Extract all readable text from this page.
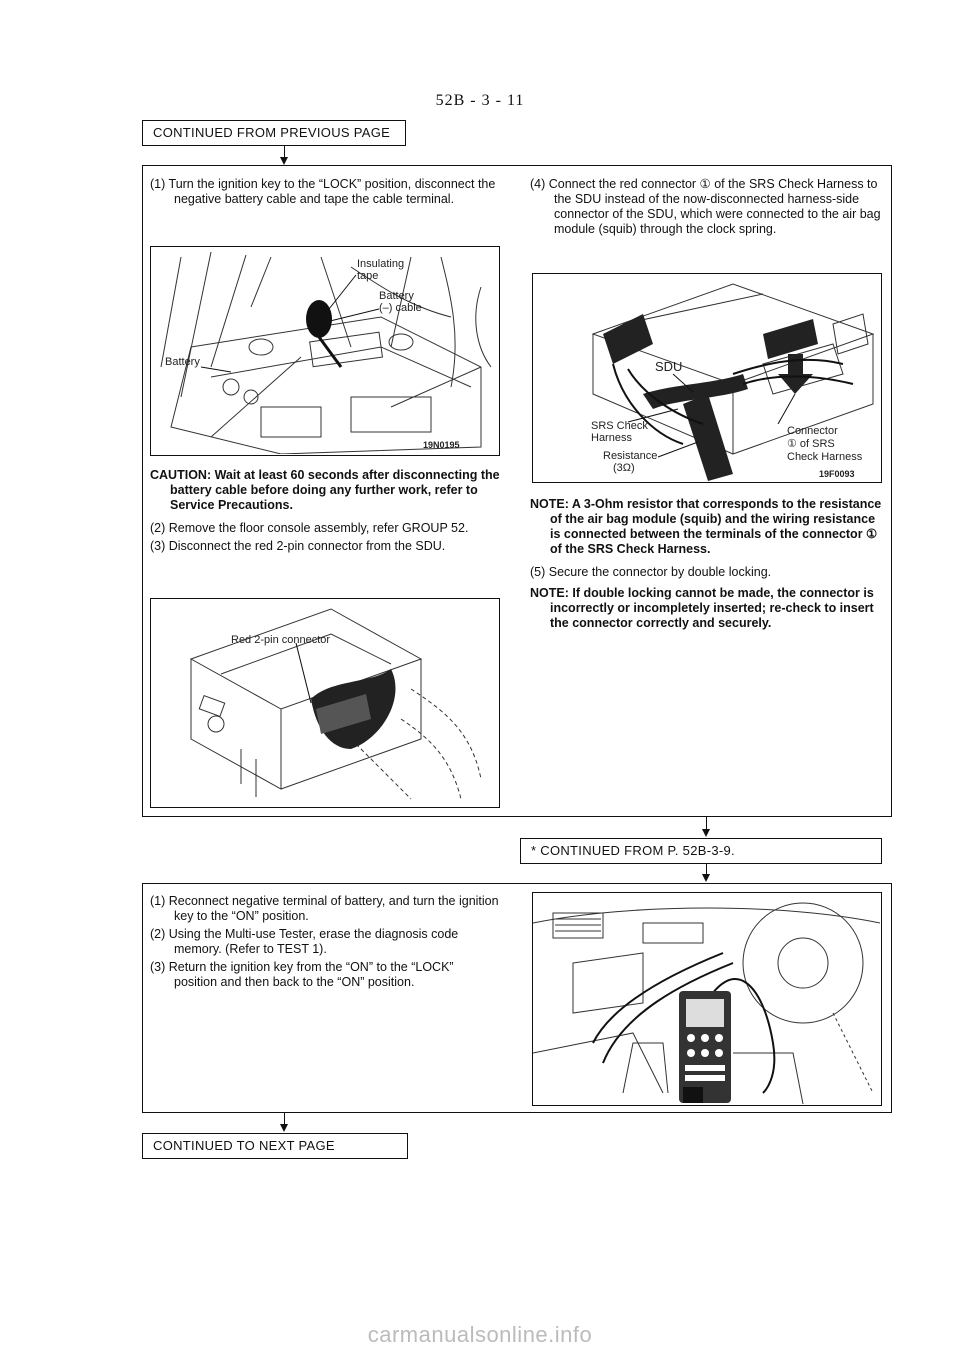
52B - 3 - 11
CONTINUED FROM PREVIOUS PAGE

(1) Turn the ignition key to the “LOCK” position, disconnect the negative battery cable and tape the cable terminal.

Insulating
tape
Battery
(–) cable
Battery
19N0195

CAUTION: Wait at least 60 seconds after disconnecting the battery cable before doing any further work, refer to Service Precautions.

(2) Remove the floor console assembly, refer GROUP 52.

(3) Disconnect the red 2-pin connector from the SDU.

Red 2-pin connector

(4) Connect the red connector ① of the SRS Check Harness to the SDU instead of the now-disconnected harness-side connector of the SDU, which were connected to the air bag module (squib) through the clock spring.

SDU
SRS Check
Harness
Resistance
(3Ω)
Connector
① of SRS
Check Harness
19F0093

NOTE: A 3-Ohm resistor that corresponds to the resistance of the air bag module (squib) and the wiring resistance is connected between the terminals of the connector ① of the SRS Check Harness.

(5) Secure the connector by double locking.

NOTE: If double locking cannot be made, the connector is incorrectly or incompletely inserted; re-check to insert the connector correctly and securely.

* CONTINUED FROM P. 52B-3-9.

(1) Reconnect negative terminal of battery, and turn the ignition key to the “ON” position.

(2) Using the Multi-use Tester, erase the diagnosis code memory. (Refer to TEST 1).

(3) Return the ignition key from the “ON” to the “LOCK” position and then back to the “ON” position.

CONTINUED TO NEXT PAGE
carmanualsonline.info
